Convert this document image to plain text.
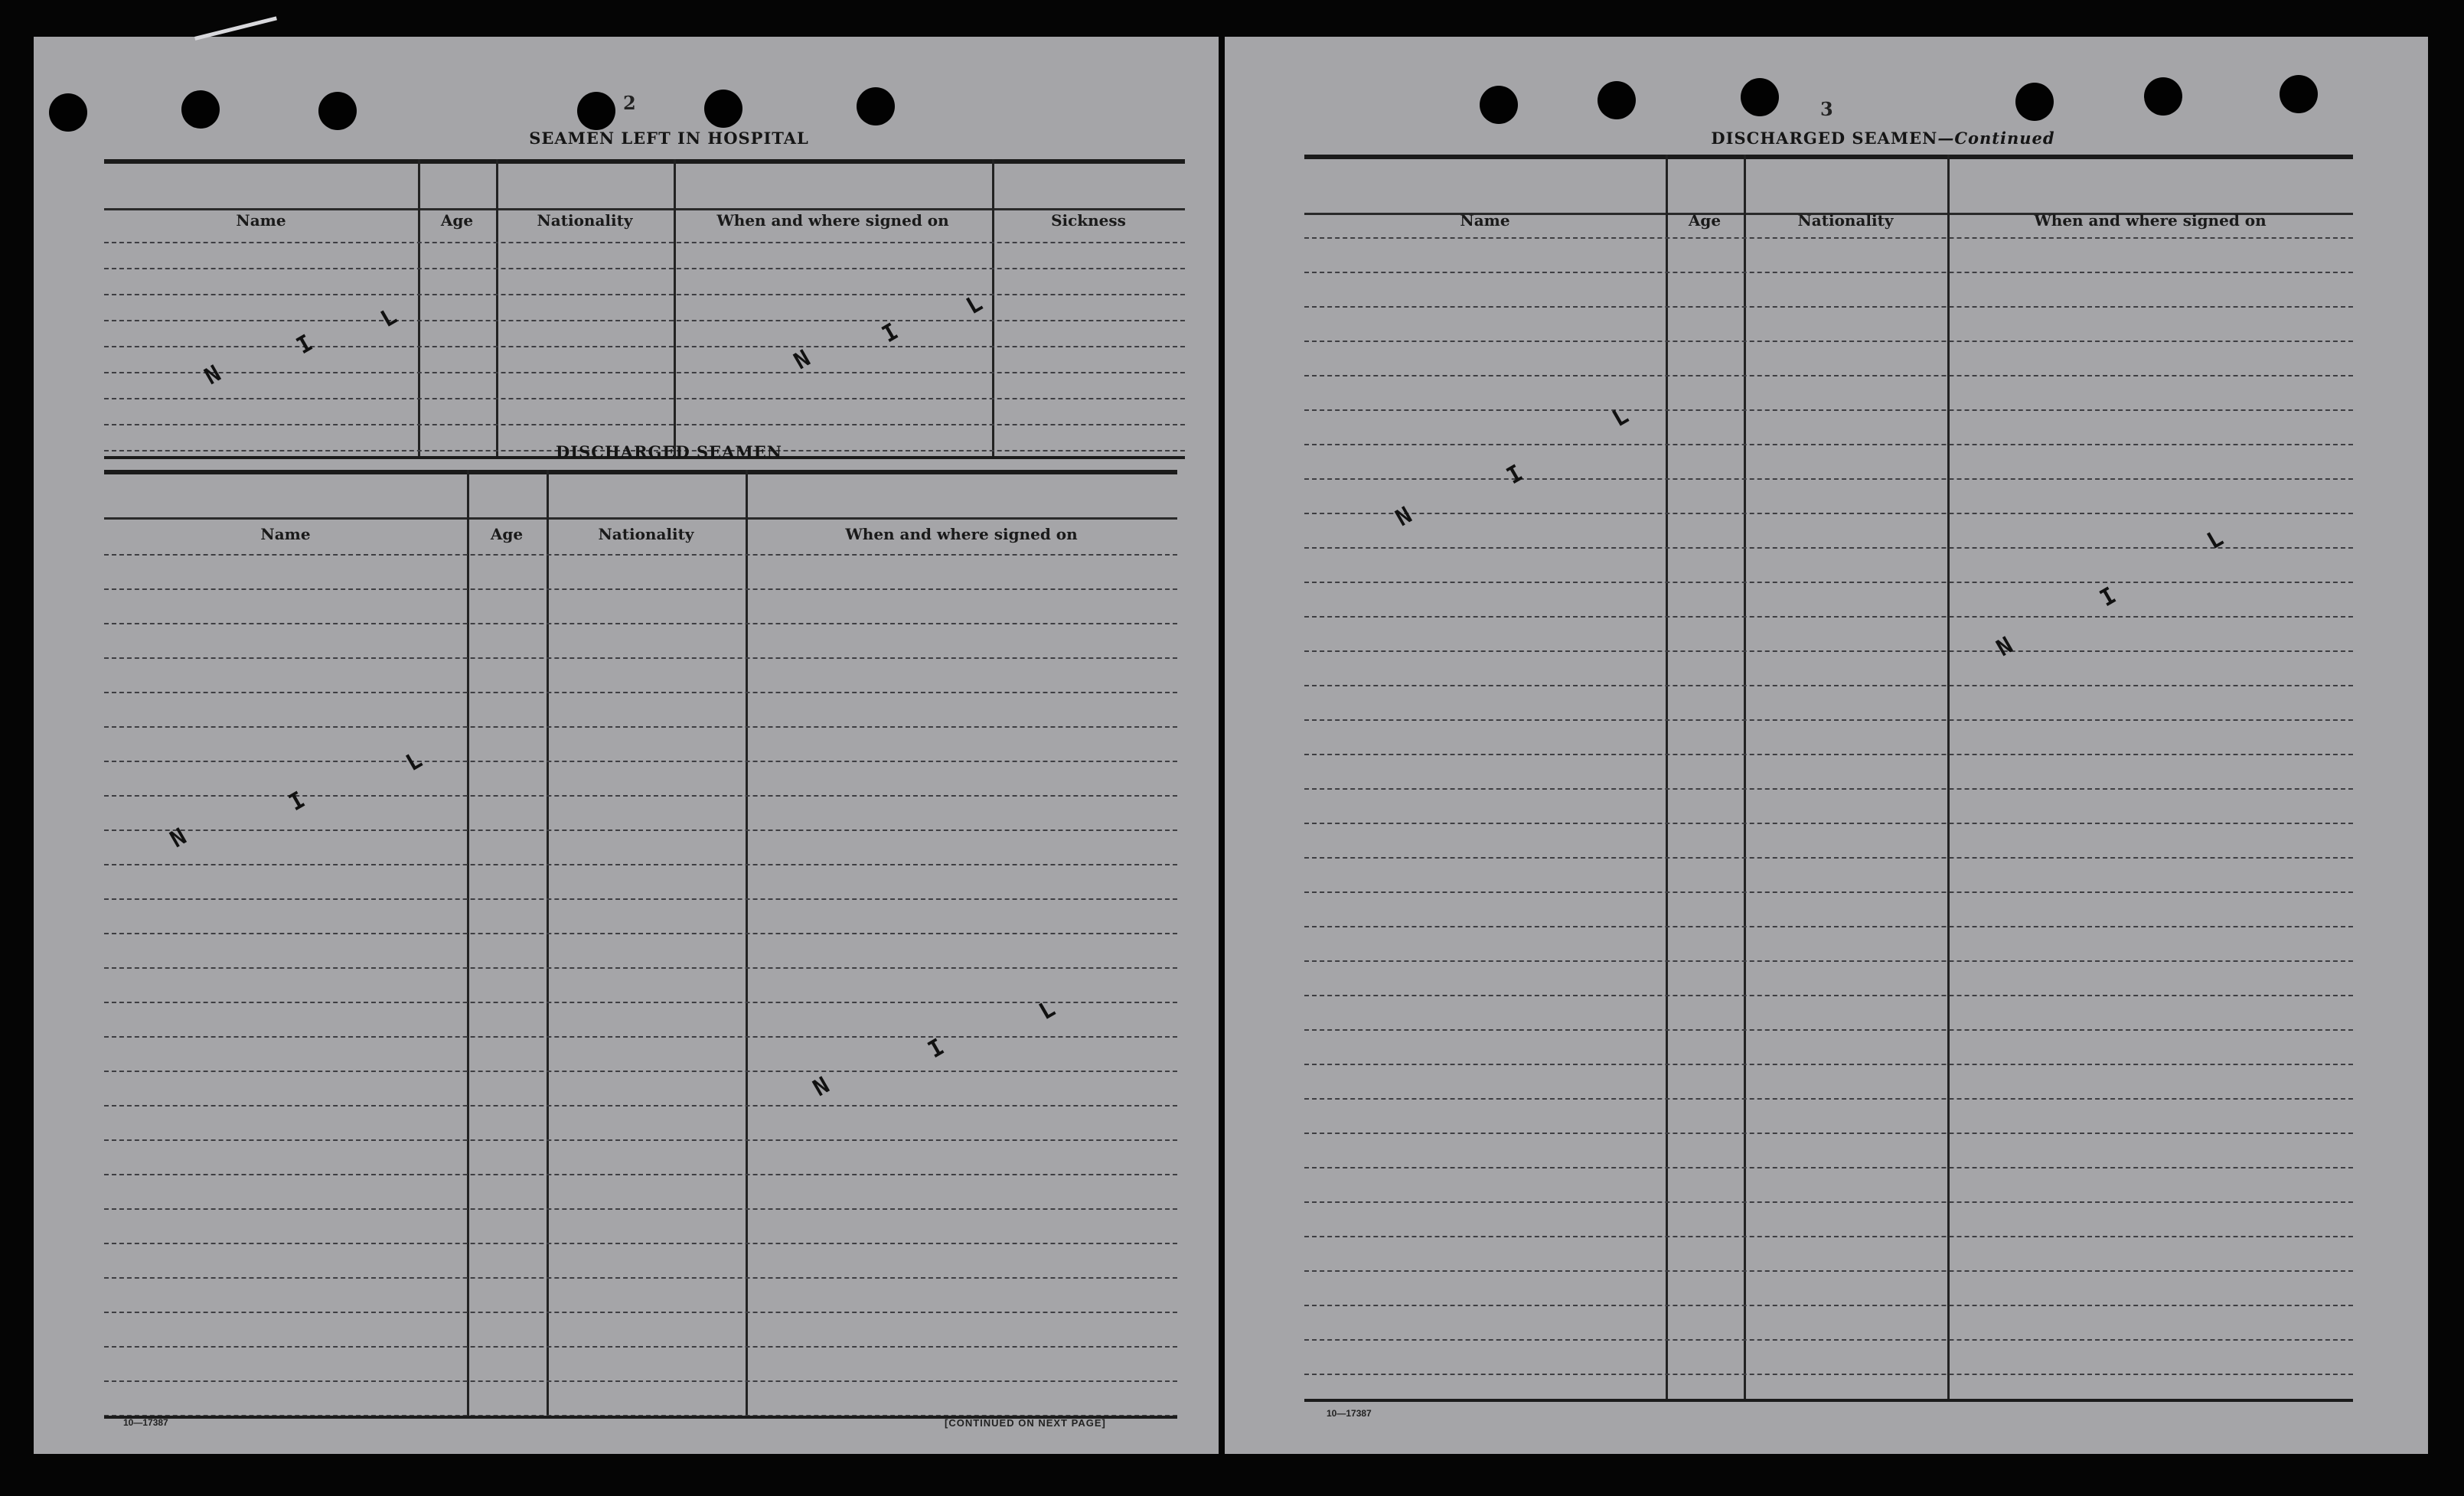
2
SEAMEN LEFT IN HOSPITAL
Name	Age	Nationality	When and where signed on	Sickness
N
I
L
N
I
L
DISCHARGED SEAMEN
Name	Age	Nationality	When and where signed on
N
I
L
N
I
L
10—17387	[CONTINUED ON NEXT PAGE]
3
DISCHARGED SEAMEN—Continued
Name	Age	Nationality	When and where signed on
N
I
L
N
I
L
10—17387
